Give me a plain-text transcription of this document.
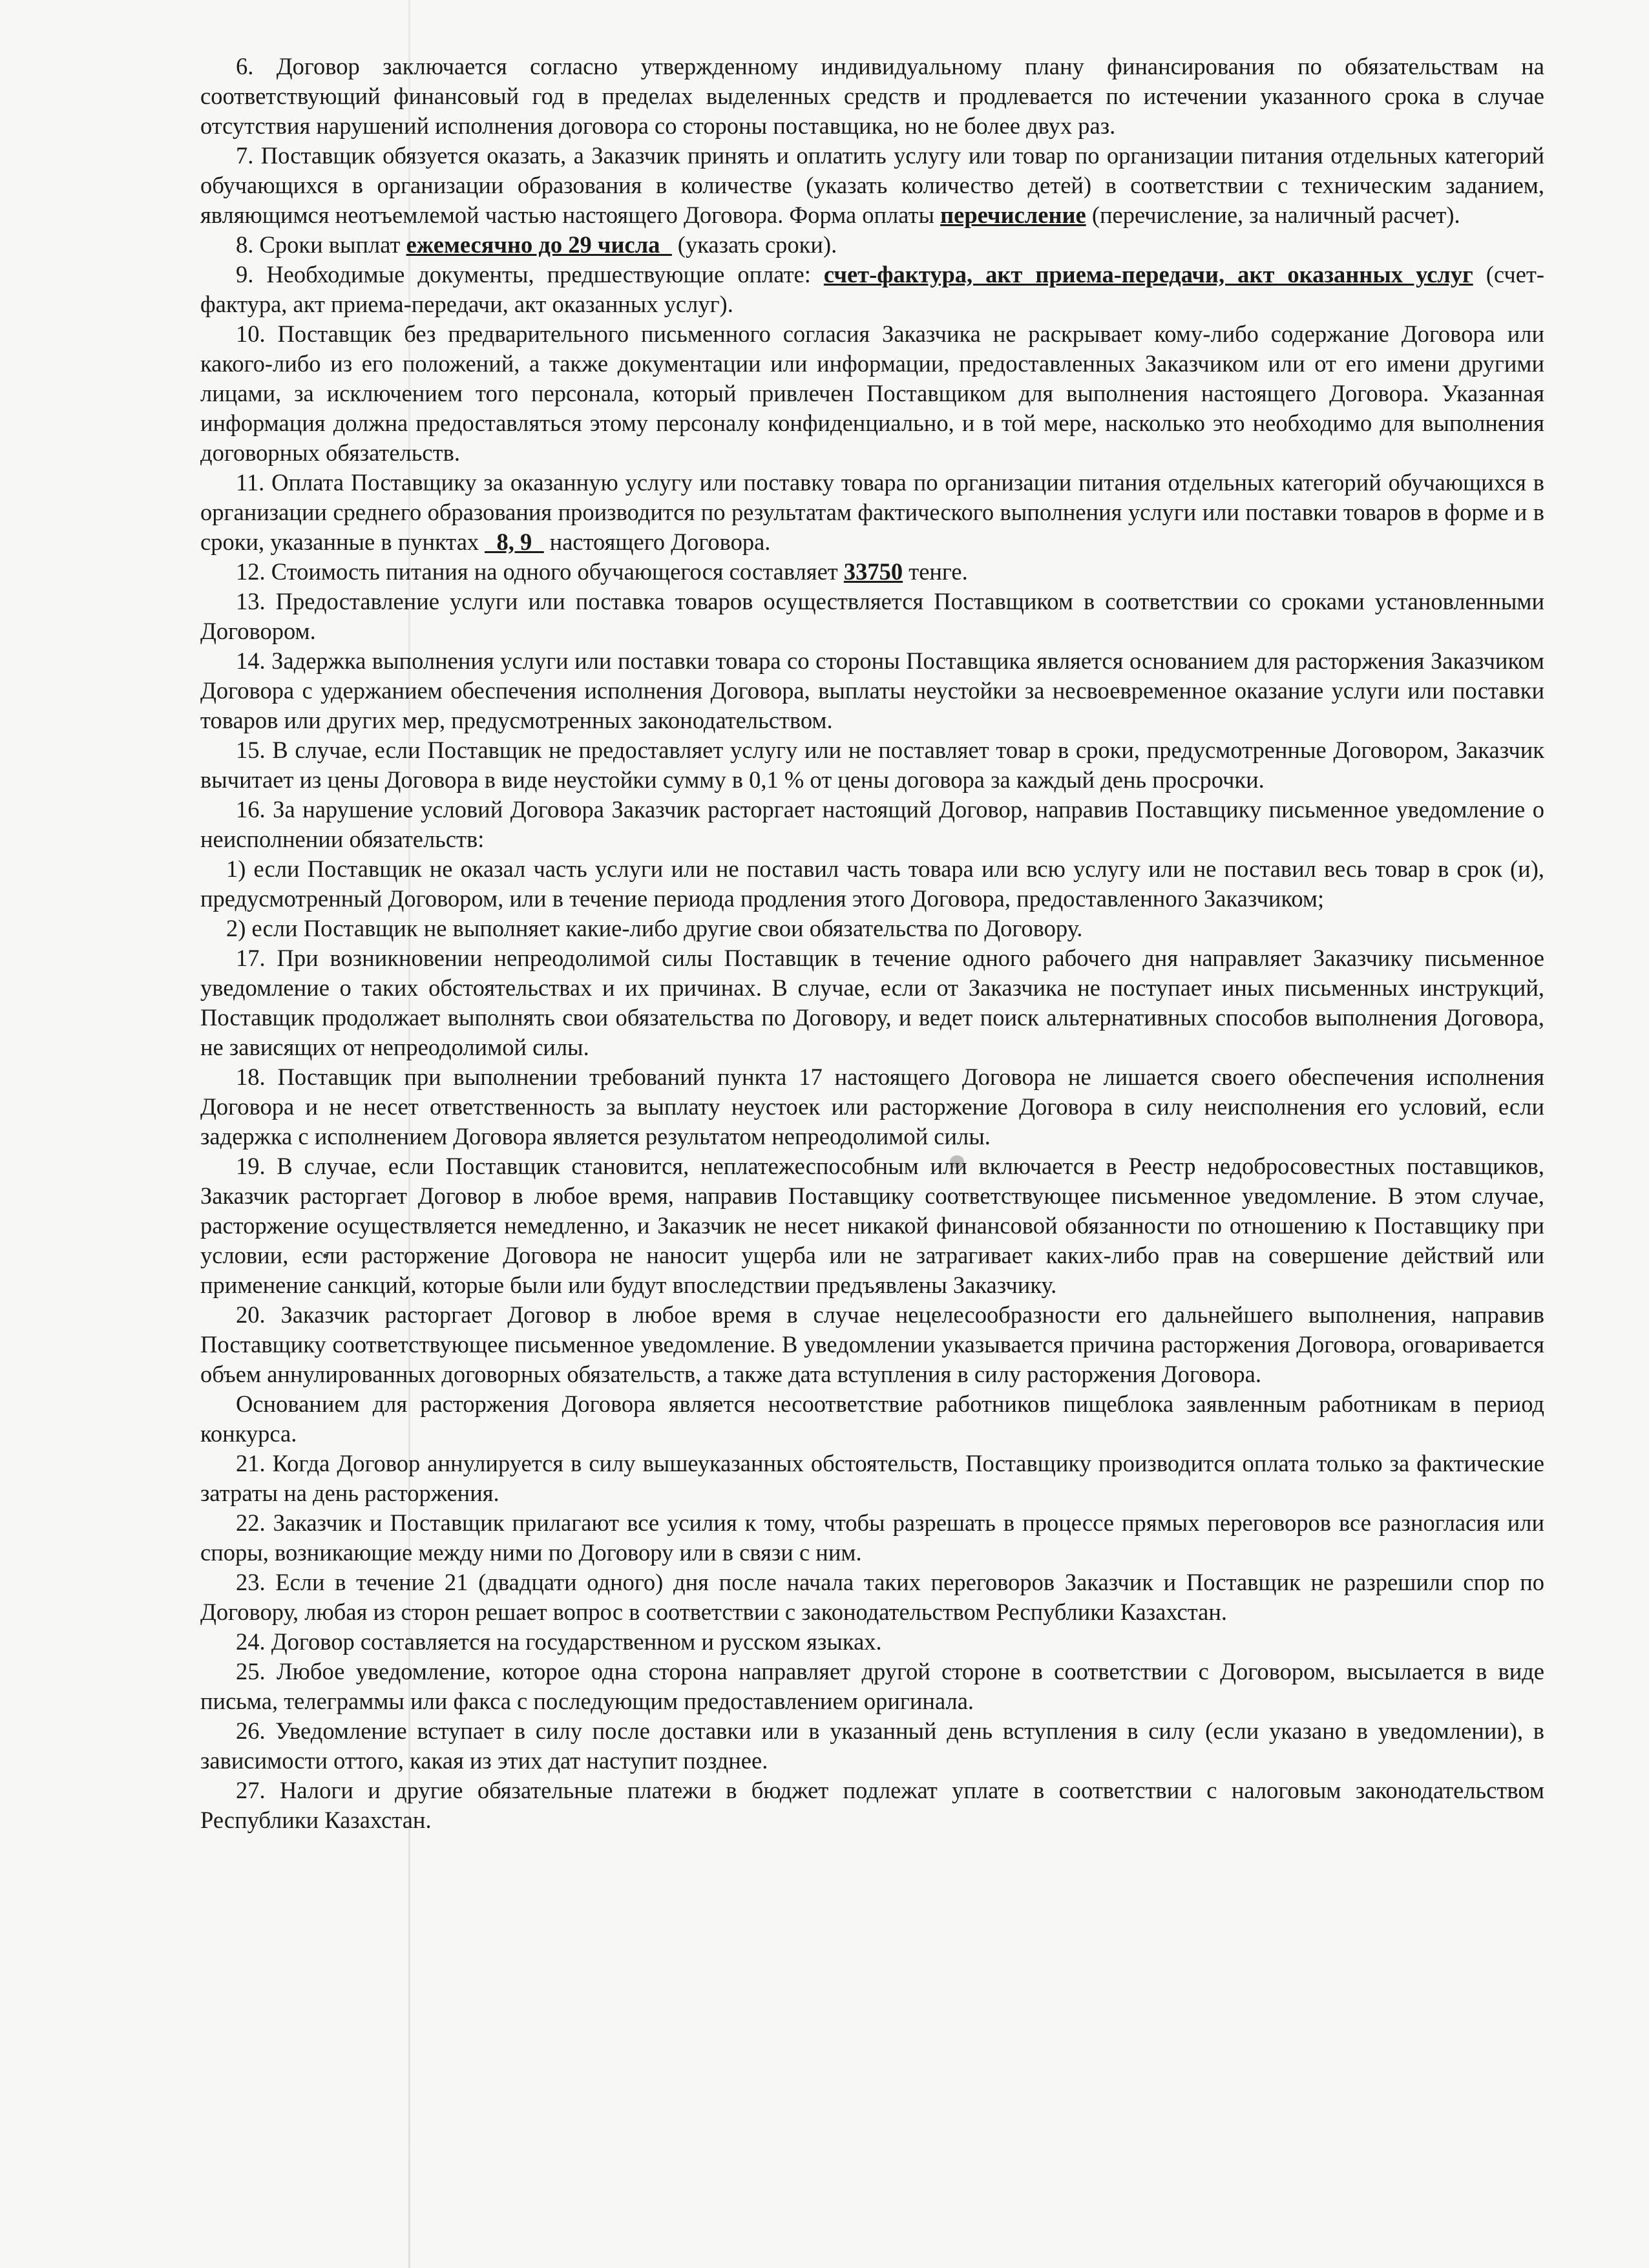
6. Договор заключается согласно утвержденному индивидуальному плану финансирования по обязательствам на соответствующий финансовый год в пределах выделенных средств и продлевается по истечении указанного срока в случае отсутствия нарушений исполнения договора со стороны поставщика, но не более двух раз.

7. Поставщик обязуется оказать, а Заказчик принять и оплатить услугу или товар по организации питания отдельных категорий обучающихся в организации образования в количестве (указать количество детей) в соответствии с техническим заданием, являющимся неотъемлемой частью настоящего Договора. Форма оплаты перечисление (перечисление, за наличный расчет).

8. Сроки выплат ежемесячно до 29 числа_ (указать сроки).

9. Необходимые документы, предшествующие оплате: счет-фактура, акт приема-передачи, акт оказанных услуг (счет-фактура, акт приема-передачи, акт оказанных услуг).

10. Поставщик без предварительного письменного согласия Заказчика не раскрывает кому-либо содержание Договора или какого-либо из его положений, а также документации или информации, предоставленных Заказчиком или от его имени другими лицами, за исключением того персонала, который привлечен Поставщиком для выполнения настоящего Договора. Указанная информация должна предоставляться этому персоналу конфиденциально, и в той мере, насколько это необходимо для выполнения договорных обязательств.

11. Оплата Поставщику за оказанную услугу или поставку товара по организации питания отдельных категорий обучающихся в организации среднего образования производится по результатам фактического выполнения услуги или поставки товаров в форме и в сроки, указанные в пунктах _8, 9_ настоящего Договора.

12. Стоимость питания на одного обучающегося составляет 33750 тенге.

13. Предоставление услуги или поставка товаров осуществляется Поставщиком в соответствии со сроками установленными Договором.

14. Задержка выполнения услуги или поставки товара со стороны Поставщика является основанием для расторжения Заказчиком Договора с удержанием обеспечения исполнения Договора, выплаты неустойки за несвоевременное оказание услуги или поставки товаров или других мер, предусмотренных законодательством.

15. В случае, если Поставщик не предоставляет услугу или не поставляет товар в сроки, предусмотренные Договором, Заказчик вычитает из цены Договора в виде неустойки сумму в 0,1 % от цены договора за каждый день просрочки.

16. За нарушение условий Договора Заказчик расторгает настоящий Договор, направив Поставщику письменное уведомление о неисполнении обязательств:

1) если Поставщик не оказал часть услуги или не поставил часть товара или всю услугу или не поставил весь товар в срок (и), предусмотренный Договором, или в течение периода продления этого Договора, предоставленного Заказчиком;

2) если Поставщик не выполняет какие-либо другие свои обязательства по Договору.

17. При возникновении непреодолимой силы Поставщик в течение одного рабочего дня направляет Заказчику письменное уведомление о таких обстоятельствах и их причинах. В случае, если от Заказчика не поступает иных письменных инструкций, Поставщик продолжает выполнять свои обязательства по Договору, и ведет поиск альтернативных способов выполнения Договора, не зависящих от непреодолимой силы.

18. Поставщик при выполнении требований пункта 17 настоящего Договора не лишается своего обеспечения исполнения Договора и не несет ответственность за выплату неустоек или расторжение Договора в силу неисполнения его условий, если задержка с исполнением Договора является результатом непреодолимой силы.

19. В случае, если Поставщик становится, неплатежеспособным или включается в Реестр недобросовестных поставщиков, Заказчик расторгает Договор в любое время, направив Поставщику соответствующее письменное уведомление. В этом случае, расторжение осуществляется немедленно, и Заказчик не несет никакой финансовой обязанности по отношению к Поставщику при условии, если расторжение Договора не наносит ущерба или не затрагивает каких-либо прав на совершение действий или применение санкций, которые были или будут впоследствии предъявлены Заказчику.

20. Заказчик расторгает Договор в любое время в случае нецелесообразности его дальнейшего выполнения, направив Поставщику соответствующее письменное уведомление. В уведомлении указывается причина расторжения Договора, оговаривается объем аннулированных договорных обязательств, а также дата вступления в силу расторжения Договора.

Основанием для расторжения Договора является несоответствие работников пищеблока заявленным работникам в период конкурса.

21. Когда Договор аннулируется в силу вышеуказанных обстоятельств, Поставщику производится оплата только за фактические затраты на день расторжения.

22. Заказчик и Поставщик прилагают все усилия к тому, чтобы разрешать в процессе прямых переговоров все разногласия или споры, возникающие между ними по Договору или в связи с ним.

23. Если в течение 21 (двадцати одного) дня после начала таких переговоров Заказчик и Поставщик не разрешили спор по Договору, любая из сторон решает вопрос в соответствии с законодательством Республики Казахстан.

24. Договор составляется на государственном и русском языках.

25. Любое уведомление, которое одна сторона направляет другой стороне в соответствии с Договором, высылается в виде письма, телеграммы или факса с последующим предоставлением оригинала.

26. Уведомление вступает в силу после доставки или в указанный день вступления в силу (если указано в уведомлении), в зависимости оттого, какая из этих дат наступит позднее.

27. Налоги и другие обязательные платежи в бюджет подлежат уплате в соответствии с налоговым законодательством Республики Казахстан.
